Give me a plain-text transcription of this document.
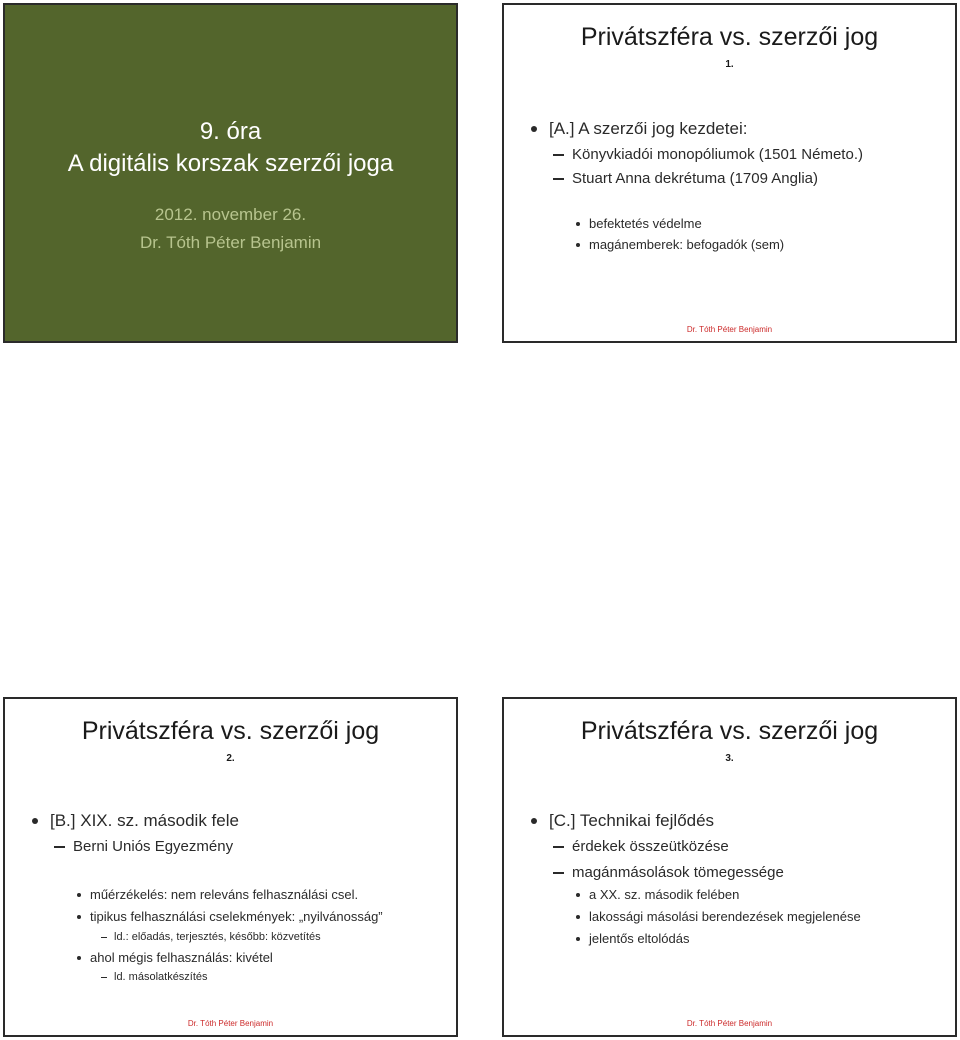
9. óra
A digitális korszak szerzői joga
2012. november 26.
Dr. Tóth Péter Benjamin
Privátszféra vs. szerzői jog
1.
[A.] A szerzői jog kezdetei:
Könyvkiadói monopóliumok (1501 Németo.)
Stuart Anna dekrétuma (1709 Anglia)
befektetés védelme
magánemberek: befogadók (sem)
Dr. Tóth Péter Benjamin
Privátszféra vs. szerzői jog
2.
[B.] XIX. sz. második fele
Berni Uniós Egyezmény
műérzékelés: nem releváns felhasználási csel.
tipikus felhasználási cselekmények: „nyilvánosság”
ld.: előadás, terjesztés, később: közvetítés
ahol mégis felhasználás: kivétel
ld. másolatkészítés
Dr. Tóth Péter Benjamin
Privátszféra vs. szerzői jog
3.
[C.] Technikai fejlődés
érdekek összeütközése
magánmásolások tömegessége
a XX. sz. második felében
lakossági másolási berendezések megjelenése
jelentős eltolódás
Dr. Tóth Péter Benjamin
